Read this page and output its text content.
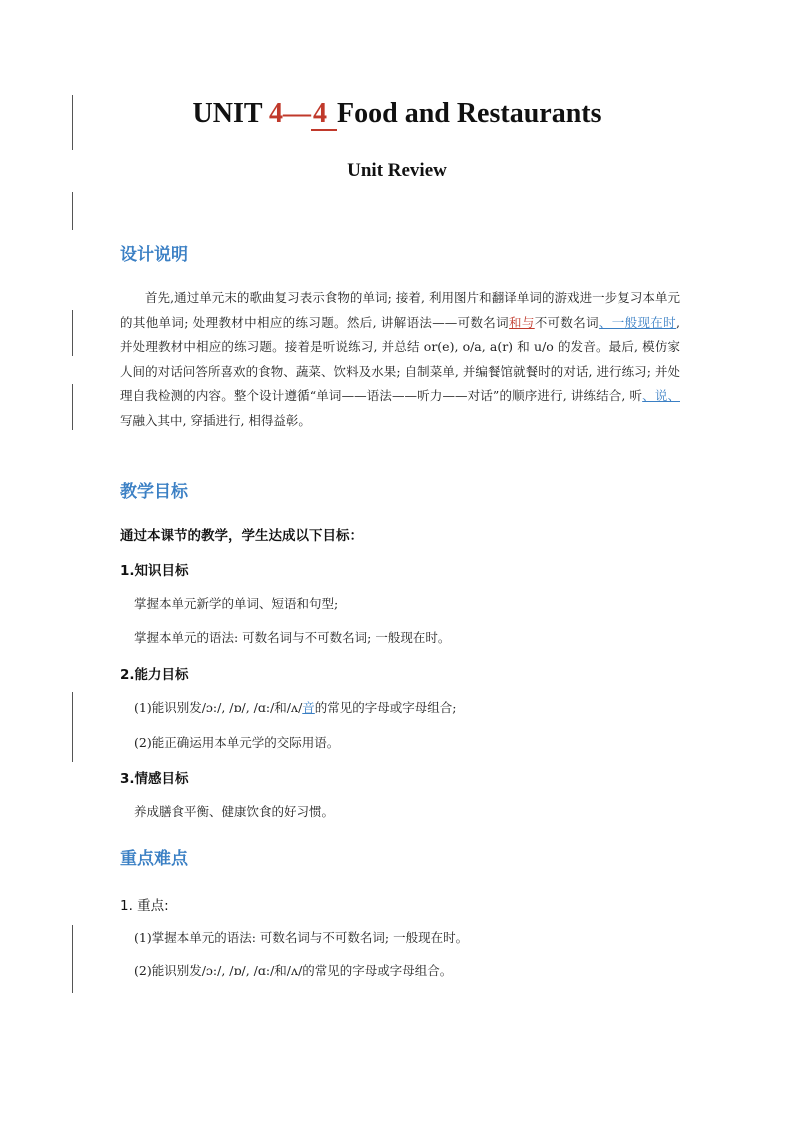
UNIT 4—4 Food and Restaurants
Unit Review
设计说明
首先,通过单元末的歌曲复习表示食物的单词; 接着, 利用图片和翻译单词的游戏进一步复习本单元的其他单词; 处理教材中相应的练习题。然后, 讲解语法——可数名词和与不可数名词、一般现在时, 并处理教材中相应的练习题。接着是听说练习, 并总结 or(e), o/a, a(r) 和 u/o 的发音。最后, 模仿家人间的对话问答所喜欢的食物、蔬菜、饮料及水果; 自制菜单, 并编餐馆就餐时的对话, 进行练习; 并处理自我检测的内容。整个设计遵循“单词——语法——听力——对话”的顺序进行, 讲练结合, 听、说、写融入其中, 穿插进行, 相得益彰。
教学目标
通过本课节的教学，学生达成以下目标：
1.知识目标
掌握本单元新学的单词、短语和句型;
掌握本单元的语法: 可数名词与不可数名词; 一般现在时。
2.能力目标
(1)能识别发/ɔ:/, /ɒ/, /ɑ:/和/ʌ/音的常见的字母或字母组合;
(2)能正确运用本单元学的交际用语。
3.情感目标
养成膳食平衡、健康饮食的好习惯。
重点难点
1. 重点:
(1)掌握本单元的语法: 可数名词与不可数名词; 一般现在时。
(2)能识别发/ɔ:/, /ɒ/, /ɑ:/和/ʌ/的常见的字母或字母组合。
